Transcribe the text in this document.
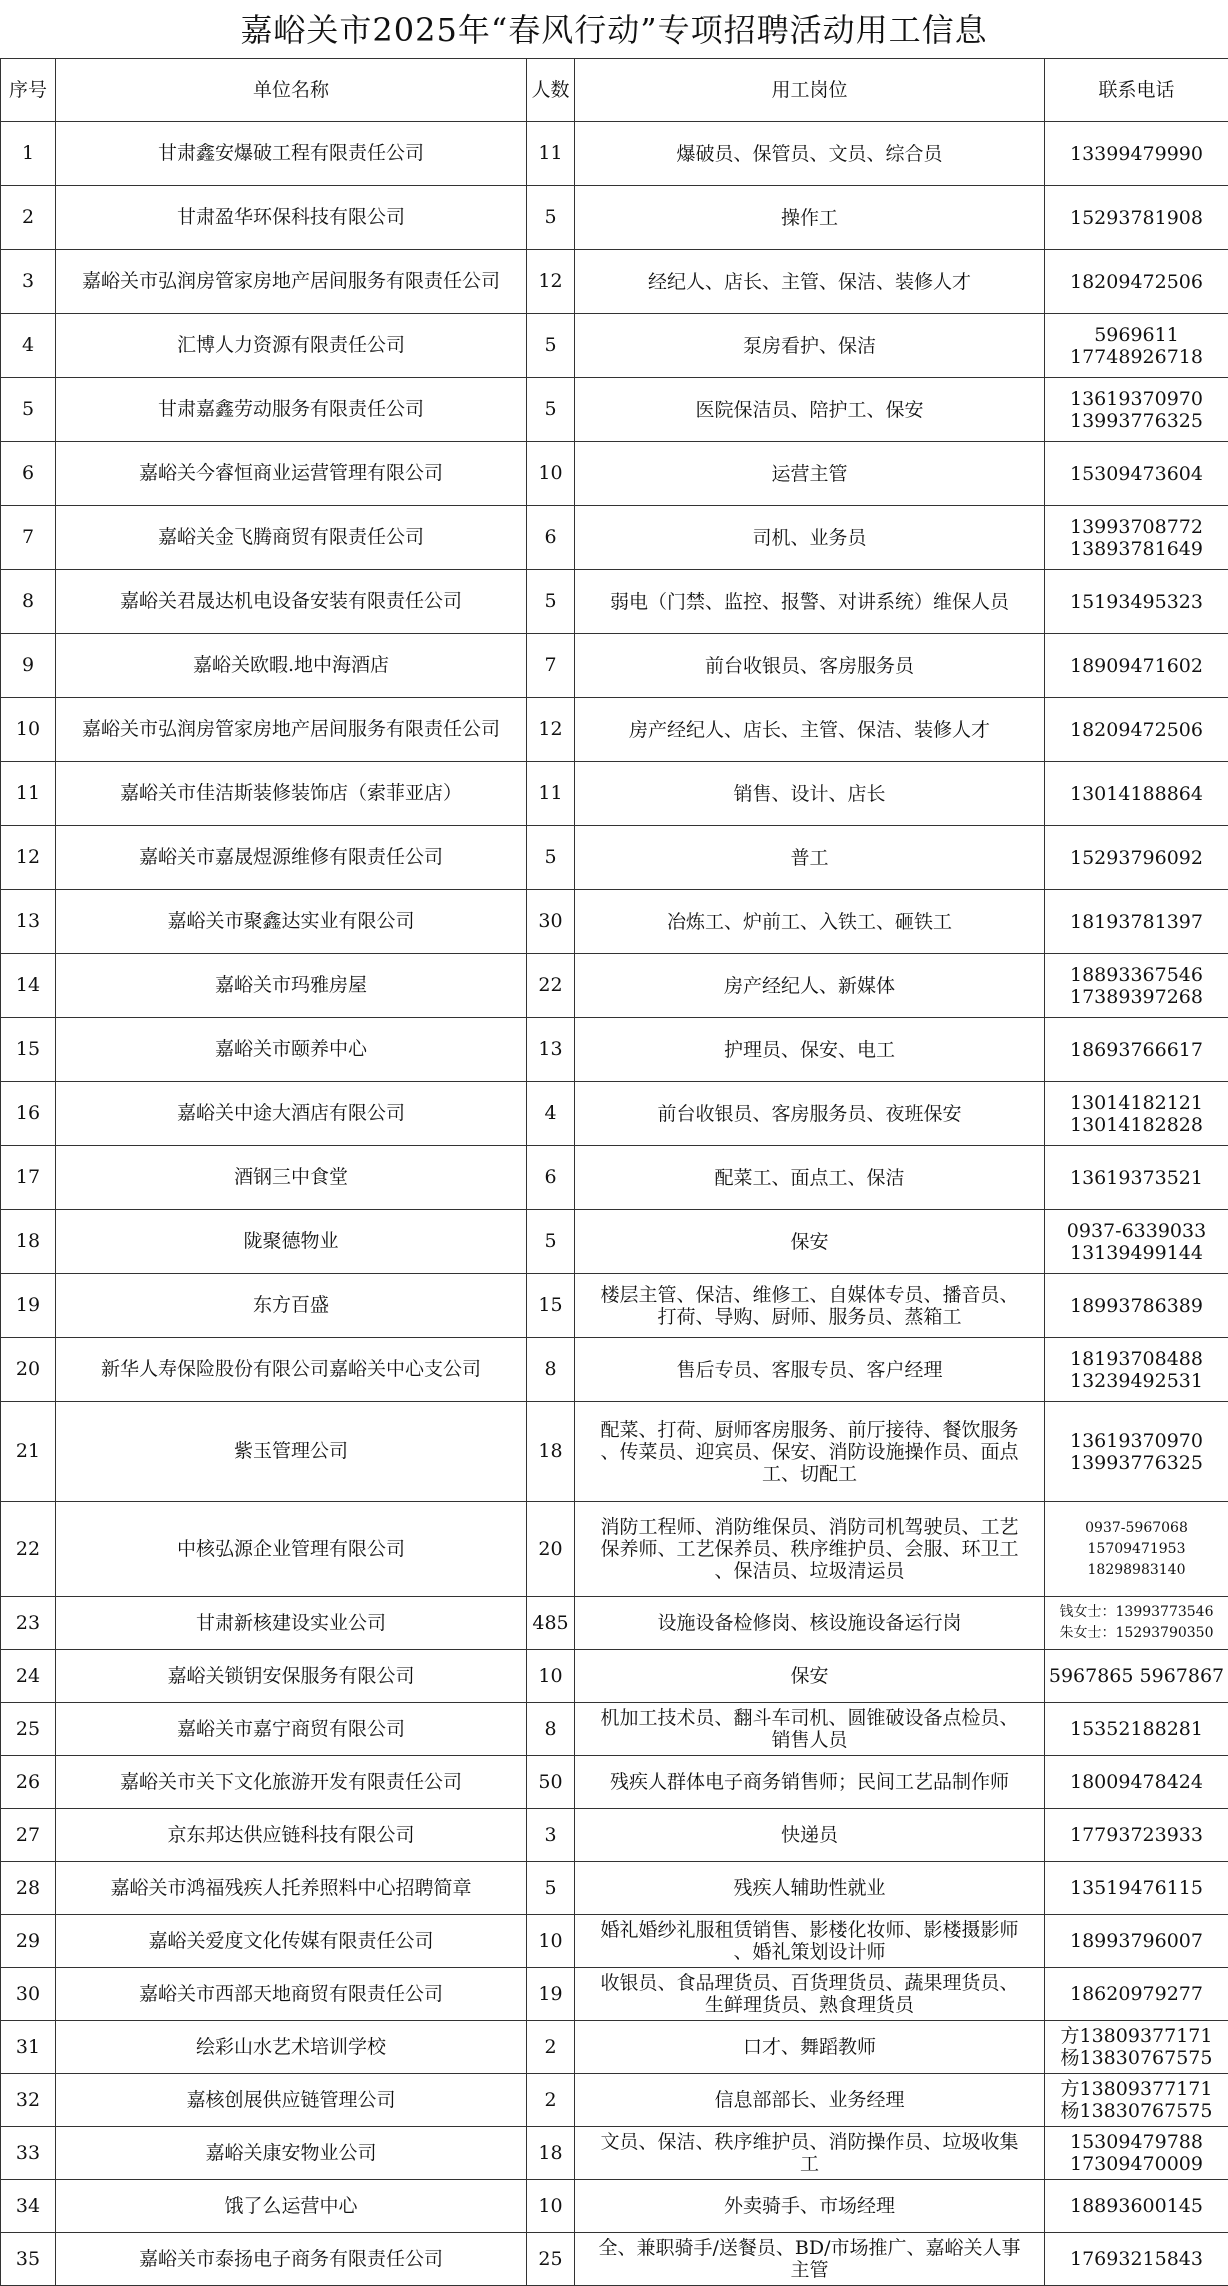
嘉峪关市2025年“春风行动”专项招聘活动用工信息
序号	单位名称	人数	用工岗位	联系电话
1	甘肃鑫安爆破工程有限责任公司	11	爆破员、保管员、文员、综合员	13399479990
2	甘肃盈华环保科技有限公司	5	操作工	15293781908
3	嘉峪关市弘润房管家房地产居间服务有限责任公司	12	经纪人、店长、主管、保洁、装修人才	18209472506
4	汇博人力资源有限责任公司	5	泵房看护、保洁	5969611
17748926718
5	甘肃嘉鑫劳动服务有限责任公司	5	医院保洁员、陪护工、保安	13619370970
13993776325
6	嘉峪关今睿恒商业运营管理有限公司	10	运营主管	15309473604
7	嘉峪关金飞腾商贸有限责任公司	6	司机、业务员	13993708772
13893781649
8	嘉峪关君晟达机电设备安装有限责任公司	5	弱电（门禁、监控、报警、对讲系统）维保人员	15193495323
9	嘉峪关欧暇.地中海酒店	7	前台收银员、客房服务员	18909471602
10	嘉峪关市弘润房管家房地产居间服务有限责任公司	12	房产经纪人、店长、主管、保洁、装修人才	18209472506
11	嘉峪关市佳洁斯装修装饰店（索菲亚店）	11	销售、设计、店长	13014188864
12	嘉峪关市嘉晟煜源维修有限责任公司	5	普工	15293796092
13	嘉峪关市聚鑫达实业有限公司	30	冶炼工、炉前工、入铁工、砸铁工	18193781397
14	嘉峪关市玛雅房屋	22	房产经纪人、新媒体	18893367546
17389397268
15	嘉峪关市颐养中心	13	护理员、保安、电工	18693766617
16	嘉峪关中途大酒店有限公司	4	前台收银员、客房服务员、夜班保安	13014182121
13014182828
17	酒钢三中食堂	6	配菜工、面点工、保洁	13619373521
18	陇聚德物业	5	保安	0937-6339033
13139499144
19	东方百盛	15	楼层主管、保洁、维修工、自媒体专员、播音员、
打荷、导购、厨师、服务员、蒸箱工	18993786389
20	新华人寿保险股份有限公司嘉峪关中心支公司	8	售后专员、客服专员、客户经理	18193708488
13239492531
21	紫玉管理公司	18	配菜、打荷、厨师客房服务、前厅接待、餐饮服务
、传菜员、迎宾员、保安、消防设施操作员、面点
工、切配工	13619370970
13993776325
22	中核弘源企业管理有限公司	20	消防工程师、消防维保员、消防司机驾驶员、工艺
保养师、工艺保养员、秩序维护员、会服、环卫工
、保洁员、垃圾清运员	0937-5967068
15709471953
18298983140
23	甘肃新核建设实业公司	485	设施设备检修岗、核设施设备运行岗	钱女士：13993773546
朱女士：15293790350
24	嘉峪关锁钥安保服务有限公司	10	保安	5967865 5967867
25	嘉峪关市嘉宁商贸有限公司	8	机加工技术员、翻斗车司机、圆锥破设备点检员、
销售人员	15352188281
26	嘉峪关市关下文化旅游开发有限责任公司	50	残疾人群体电子商务销售师；民间工艺品制作师	18009478424
27	京东邦达供应链科技有限公司	3	快递员	17793723933
28	嘉峪关市鸿福残疾人托养照料中心招聘简章	5	残疾人辅助性就业	13519476115
29	嘉峪关爱度文化传媒有限责任公司	10	婚礼婚纱礼服租赁销售、影楼化妆师、影楼摄影师
、婚礼策划设计师	18993796007
30	嘉峪关市西部天地商贸有限责任公司	19	收银员、食品理货员、百货理货员、蔬果理货员、
生鲜理货员、熟食理货员	18620979277
31	绘彩山水艺术培训学校	2	口才、舞蹈教师	方13809377171
杨13830767575
32	嘉核创展供应链管理公司	2	信息部部长、业务经理	方13809377171
杨13830767575
33	嘉峪关康安物业公司	18	文员、保洁、秩序维护员、消防操作员、垃圾收集
工	15309479788
17309470009
34	饿了么运营中心	10	外卖骑手、市场经理	18893600145
35	嘉峪关市泰扬电子商务有限责任公司	25	全、兼职骑手/送餐员、BD/市场推广、嘉峪关人事
主管	17693215843
